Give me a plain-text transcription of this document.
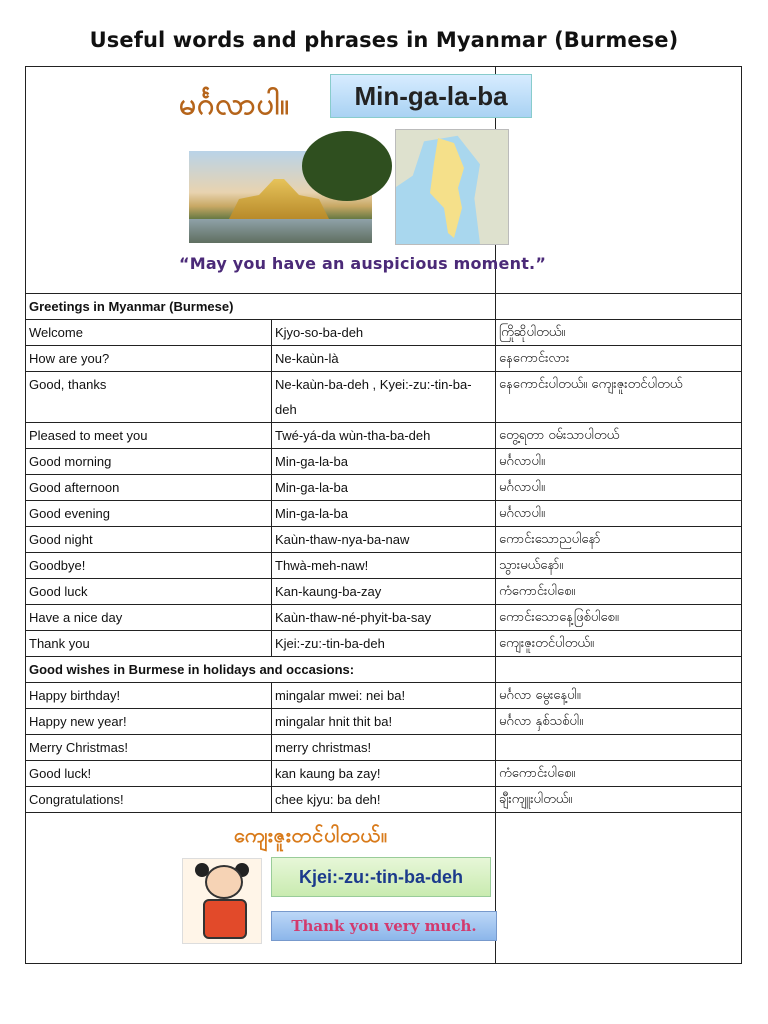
Useful words and phrases in Myanmar (Burmese)
မင်္ဂလာပါ။ Min-ga-la-ba
“May you have an auspicious moment.”		

Greetings in Myanmar (Burmese)		
Welcome	Kjyo-so-ba-deh	ကြိုဆိုပါတယ်။
How are you?	Ne-kaùn-là	နေကောင်းလား
Good, thanks	Ne-kaùn-ba-deh , Kyei:-zu:-tin-ba-deh	နေကောင်းပါတယ်။ ကျေးဇူးတင်ပါတယ်
Pleased to meet you	Twé-yá-da wùn-tha-ba-deh	တွေ့ရတာ ဝမ်းသာပါတယ်
Good morning	Min-ga-la-ba	မင်္ဂလာပါ။
Good afternoon	Min-ga-la-ba	မင်္ဂလာပါ။
Good evening	Min-ga-la-ba	မင်္ဂလာပါ။
Good night	Kaùn-thaw-nya-ba-naw	ကောင်းသောညပါနော်
Goodbye!	Thwà-meh-naw!	သွားမယ်နော်။
Good luck	Kan-kaung-ba-zay	ကံကောင်းပါစေ။
Have a nice day	Kaùn-thaw-né-phyit-ba-say	ကောင်းသောနေ့ဖြစ်ပါစေ။
Thank you	Kjei:-zu:-tin-ba-deh	ကျေးဇူးတင်ပါတယ်။
Good wishes in Burmese in holidays and occasions:		
Happy birthday!	mingalar mwei: nei ba!	မင်္ဂလာ မွေးနေ့ပါ။
Happy new year!	mingalar hnit thit ba!	မင်္ဂလာ နှစ်သစ်ပါ။
Merry Christmas!	merry christmas!	
Good luck!	kan kaung ba zay!	ကံကောင်းပါစေ။
Congratulations!	chee kjyu: ba deh!	ချီးကျူးပါတယ်။

ကျေးဇူးတင်ပါတယ်။
Kjei:-zu:-tin-ba-deh
Thank you very much.		
